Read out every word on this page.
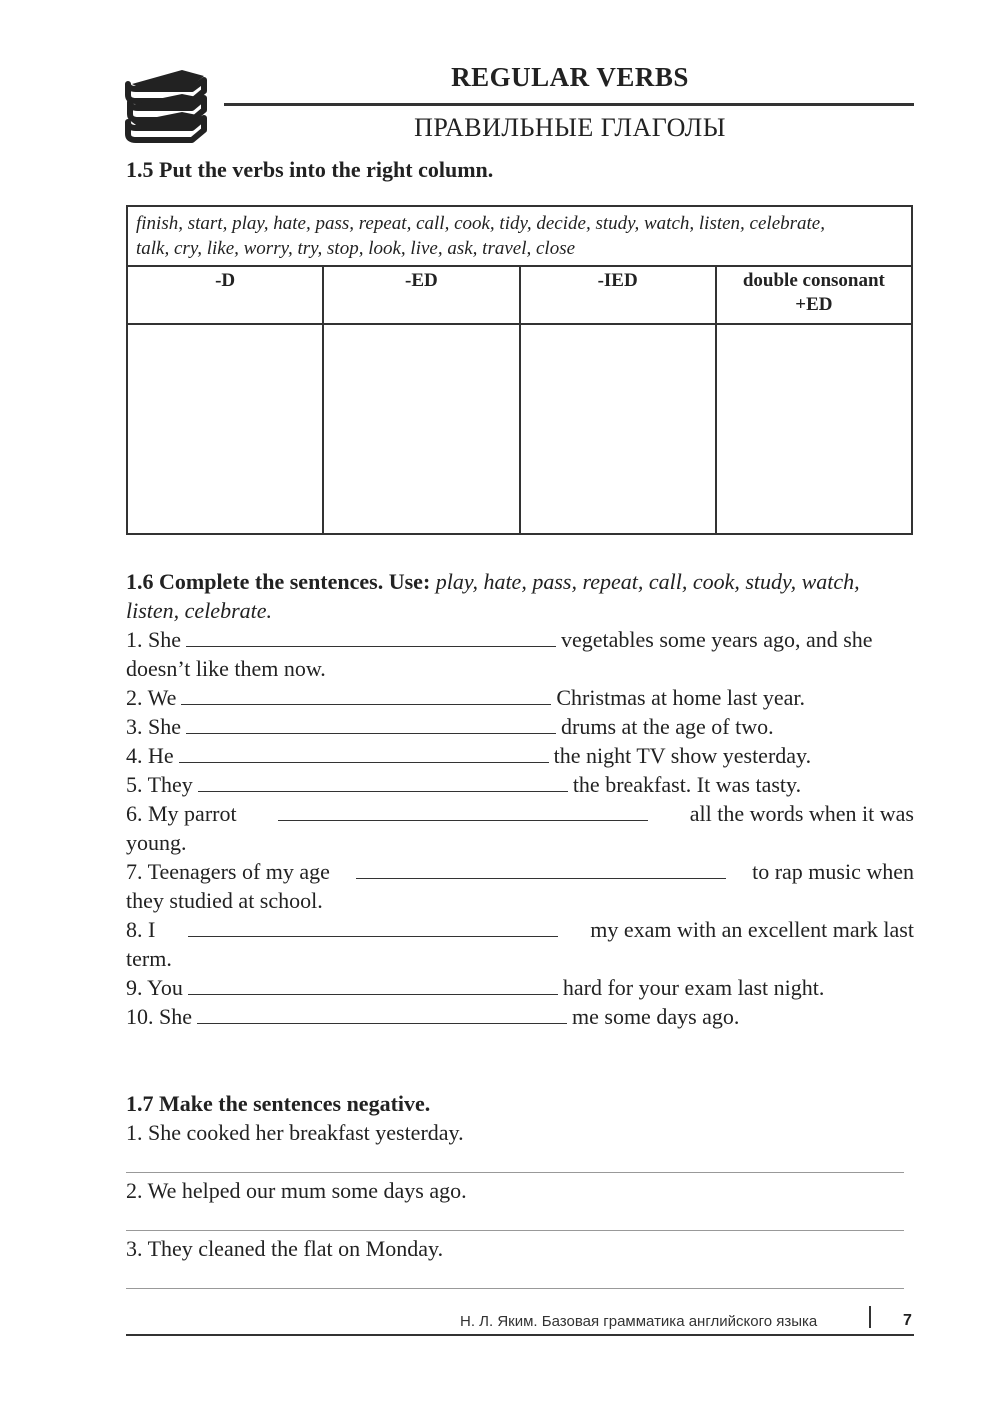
REGULAR VERBS
ПРАВИЛЬНЫЕ ГЛАГОЛЫ
1.5 Put the verbs into the right column.
finish, start, play, hate, pass, repeat, call, cook, tidy, decide, study, watch, listen, celebrate,
talk, cry, like, worry, try, stop, look, live, ask, travel, close			

-D	-ED	-IED	double consonant
+ED

1.6 Complete the sentences. Use: play, hate, pass, repeat, call, cook, study, watch,
listen, celebrate.
1. She	vegetables some years ago, and she
doesn’t like them now.
2. We	Christmas at home last year.
3. She	drums at the age of two.
4. He	the night TV show yesterday.
5. They	the breakfast. It was tasty.
6. My parrot	all the words when it was
young.
7. Teenagers of my age	to rap music when
they studied at school.
8. I	my exam with an excellent mark last
term.
9. You	hard for your exam last night.
10. She	me some days ago.
1.7 Make the sentences negative.
1. She cooked her breakfast yesterday.
2. We helped our mum some days ago.
3. They cleaned the flat on Monday.
Н. Л. Яким. Базовая грамматика английского языка	7
